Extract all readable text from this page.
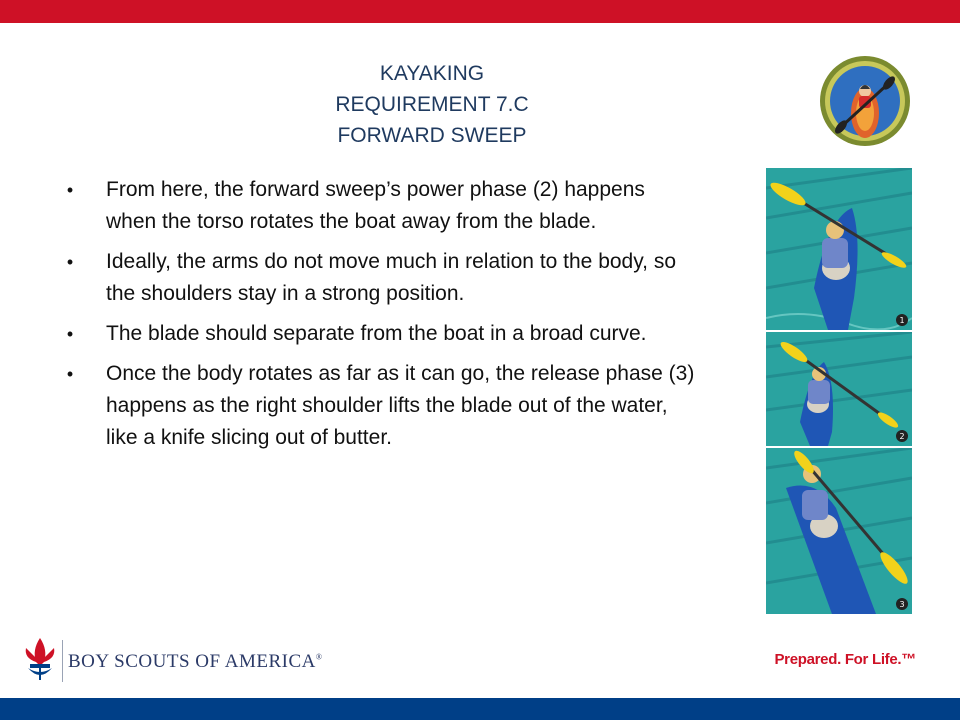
KAYAKING
REQUIREMENT 7.C
FORWARD SWEEP
•	From here, the forward sweep’s power phase (2) happens when the torso rotates the boat away from the blade.
•	Ideally, the arms do not move much in relation to the body, so the shoulders stay in a strong position.
•	The blade should separate from the boat in a broad curve.
•	Once the body rotates as far as it can go, the release phase (3) happens as the right shoulder lifts the blade out of the water, like a knife slicing out of butter.
1
2
3
BOY SCOUTS OF AMERICA®	Prepared. For Life.™
